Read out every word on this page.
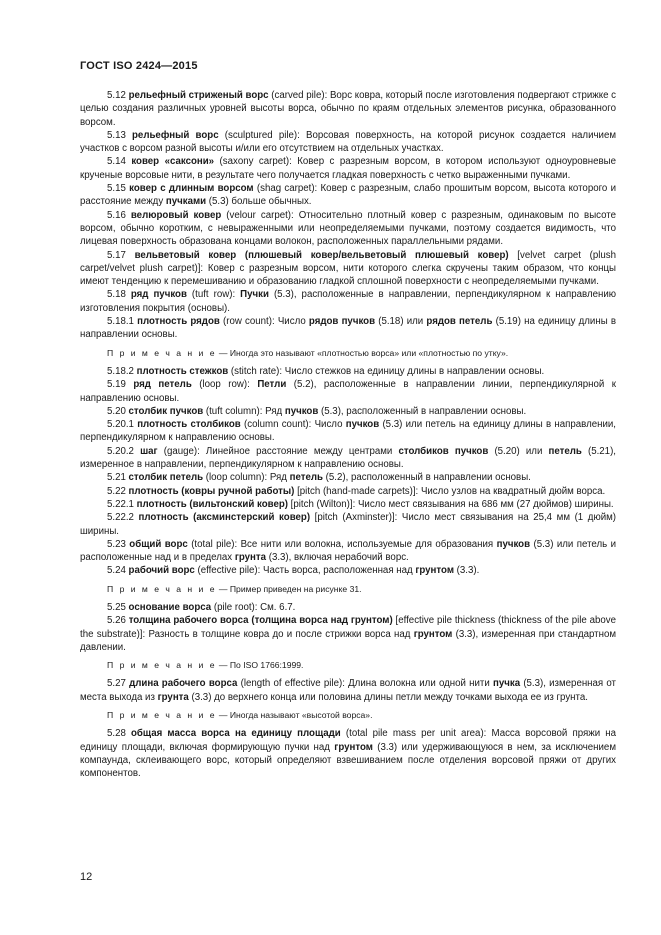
ГОСТ ISO 2424—2015

5.12 рельефный стриженый ворс (carved pile): Ворс ковра, который после изготовления подвергают стрижке с целью создания различных уровней высоты ворса, обычно по краям отдельных элементов рисунка, образованного ворсом.

5.13 рельефный ворс (sculptured pile): Ворсовая поверхность, на которой рисунок создается наличием участков с ворсом разной высоты и/или его отсутствием на отдельных участках.

5.14 ковер «саксони» (saxony carpet): Ковер с разрезным ворсом, в котором используют одноуровневые крученые ворсовые нити, в результате чего получается гладкая поверхность с четко выраженными пучками.

5.15 ковер с длинным ворсом (shag carpet): Ковер с разрезным, слабо прошитым ворсом, высота которого и расстояние между пучками (5.3) больше обычных.

5.16 велюровый ковер (velour carpet): Относительно плотный ковер с разрезным, одинаковым по высоте ворсом, обычно коротким, с невыраженными или неопределяемыми пучками, поэтому создается видимость, что лицевая поверхность образована концами волокон, расположенных параллельными рядами.

5.17 вельветовый ковер (плюшевый ковер/вельветовый плюшевый ковер) [velvet carpet (plush carpet/velvet plush carpet)]: Ковер с разрезным ворсом, нити которого слегка скручены таким образом, что концы имеют тенденцию к перемешиванию и образованию гладкой сплошной поверхности с неопределяемыми пучками.

5.18 ряд пучков (tuft row): Пучки (5.3), расположенные в направлении, перпендикулярном к направлению изготовления покрытия (основы).

5.18.1 плотность рядов (row count): Число рядов пучков (5.18) или рядов петель (5.19) на единицу длины в направлении основы.

П р и м е ч а н и е — Иногда это называют «плотностью ворса» или «плотностью по утку».

5.18.2 плотность стежков (stitch rate): Число стежков на единицу длины в направлении основы.

5.19 ряд петель (loop row): Петли (5.2), расположенные в направлении линии, перпендикулярной к направлению основы.

5.20 столбик пучков (tuft column): Ряд пучков (5.3), расположенный в направлении основы.

5.20.1 плотность столбиков (column count): Число пучков (5.3) или петель на единицу длины в направлении, перпендикулярном к направлению основы.

5.20.2 шаг (gauge): Линейное расстояние между центрами столбиков пучков (5.20) или петель (5.21), измеренное в направлении, перпендикулярном к направлению основы.

5.21 столбик петель (loop column): Ряд петель (5.2), расположенный в направлении основы.

5.22 плотность (ковры ручной работы) [pitch (hand-made carpets)]: Число узлов на квадратный дюйм ворса.

5.22.1 плотность (вильтонский ковер) [pitch (Wilton)]: Число мест связывания на 686 мм (27 дюймов) ширины.

5.22.2 плотность (аксминстерский ковер) [pitch (Axminster)]: Число мест связывания на 25,4 мм (1 дюйм) ширины.

5.23 общий ворс (total pile): Все нити или волокна, используемые для образования пучков (5.3) или петель и расположенные над и в пределах грунта (3.3), включая нерабочий ворс.

5.24 рабочий ворс (effective pile): Часть ворса, расположенная над грунтом (3.3).

П р и м е ч а н и е — Пример приведен на рисунке 31.

5.25 основание ворса (pile root): См. 6.7.

5.26 толщина рабочего ворса (толщина ворса над грунтом) [effective pile thickness (thickness of the pile above the substrate)]: Разность в толщине ковра до и после стрижки ворса над грунтом (3.3), измеренная при стандартном давлении.

П р и м е ч а н и е — По ISO 1766:1999.

5.27 длина рабочего ворса (length of effective pile): Длина волокна или одной нити пучка (5.3), измеренная от места выхода из грунта (3.3) до верхнего конца или половина длины петли между точками выхода ее из грунта.

П р и м е ч а н и е — Иногда называют «высотой ворса».

5.28 общая масса ворса на единицу площади (total pile mass per unit area): Масса ворсовой пряжи на единицу площади, включая формирующую пучки над грунтом (3.3) или удерживающуюся в нем, за исключением компаунда, склеивающего ворс, который определяют взвешиванием после отделения ворсовой пряжи от других компонентов.

12
